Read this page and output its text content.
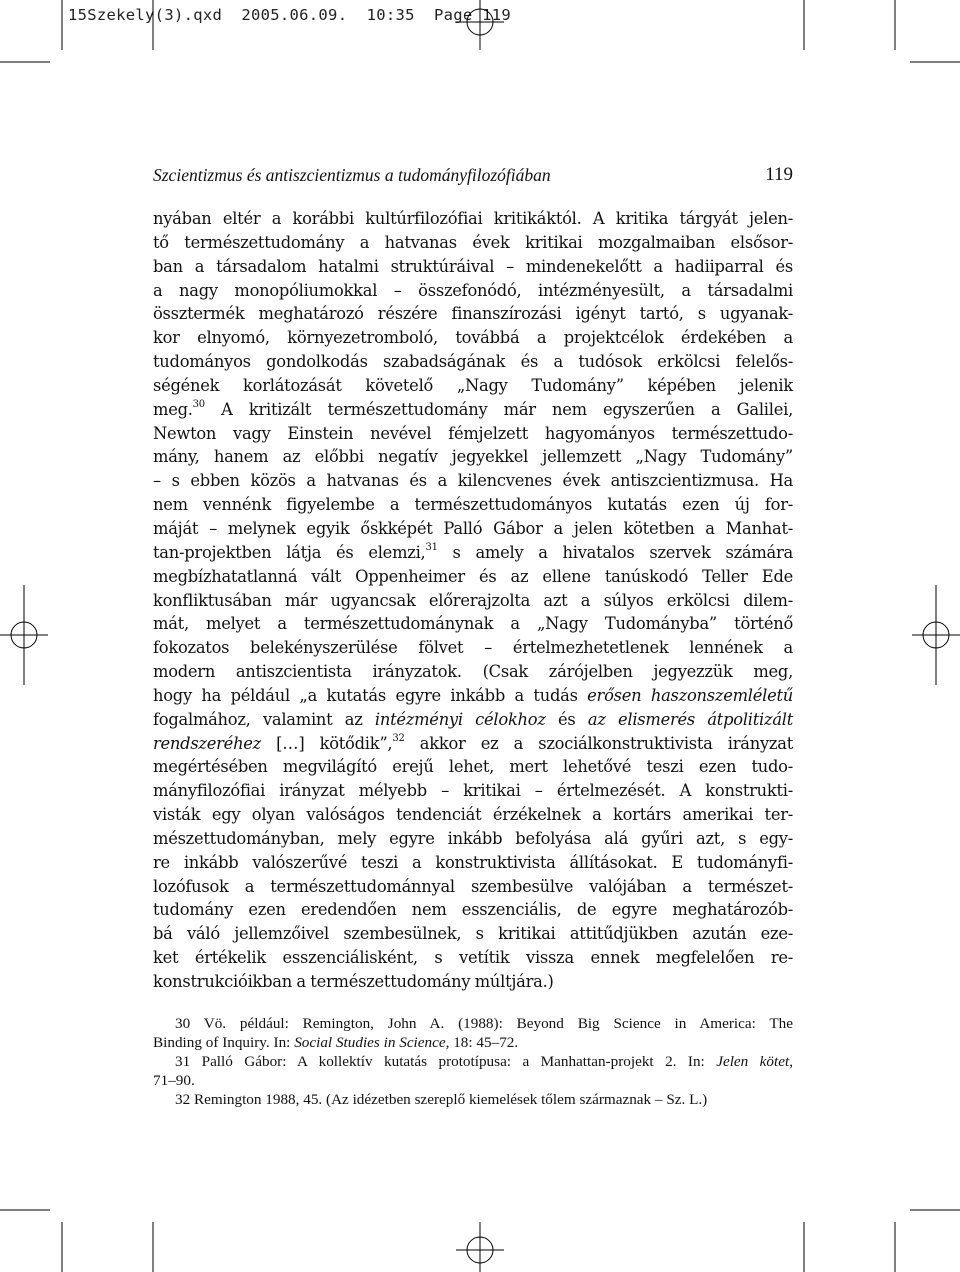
15Szekely(3).qxd  2005.06.09.  10:35  Page 119
Szcientizmus és antiszcientizmus a tudományfilozófiában	119
nyában eltér a korábbi kultúrfilozófiai kritikáktól. A kritika tárgyát jelen-
tő természettudomány a hatvanas évek kritikai mozgalmaiban elsősor-
ban a társadalom hatalmi struktúráival – mindenekelőtt a hadiiparral és
a nagy monopóliumokkal – összefonódó, intézményesült, a társadalmi
össztermék meghatározó részére finanszírozási igényt tartó, s ugyanak-
kor elnyomó, környezetromboló, továbbá a projektcélok érdekében a
tudományos gondolkodás szabadságának és a tudósok erkölcsi felelős-
ségének korlátozását követelő „Nagy Tudomány” képében jelenik
meg.$^{30}$ A kritizált természettudomány már nem egyszerűen a Galilei,
Newton vagy Einstein nevével fémjelzett hagyományos természettudo-
mány, hanem az előbbi negatív jegyekkel jellemzett „Nagy Tudomány”
– s ebben közös a hatvanas és a kilencvenes évek antiszcientizmusa. Ha
nem vennénk figyelembe a természettudományos kutatás ezen új for-
máját – melynek egyik őskképét Palló Gábor a jelen kötetben a Manhat-
tan-projektben látja és elemzi,$^{31}$ s amely a hivatalos szervek számára
megbízhatatlanná vált Oppenheimer és az ellene tanúskodó Teller Ede
konfliktusában már ugyancsak előrerajzolta azt a súlyos erkölcsi dilem-
mát, melyet a természettudománynak a „Nagy Tudományba” történő
fokozatos belekényszerülése fölvet – értelmezhetetlenek lennének a
modern antiszcientista irányzatok. (Csak zárójelben jegyezzük meg,
hogy ha például „a kutatás egyre inkább a tudás erősen haszonszemléletű
fogalmához, valamint az intézményi célokhoz és az elismerés átpolitizált
rendszeréhez […] kötődik”,$^{32}$ akkor ez a szociálkonstruktivista irányzat
megértésében megvilágító erejű lehet, mert lehetővé teszi ezen tudo-
mányfilozófiai irányzat mélyebb – kritikai – értelmezését. A konstrukti-
visták egy olyan valóságos tendenciát érzékelnek a kortárs amerikai ter-
mészettudományban, mely egyre inkább befolyása alá gyűri azt, s egy-
re inkább valószerűvé teszi a konstruktivista állításokat. E tudományfi-
lozófusok a természettudománnyal szembesülve valójában a természet-
tudomány ezen eredendően nem esszenciális, de egyre meghatározób-
bá váló jellemzőivel szembesülnek, s kritikai attitűdjükben azután eze-
ket értékelik esszenciálisként, s vetítik vissza ennek megfelelően re-
konstrukcióikban a természettudomány múltjára.)
30 Vö. például: Remington, John A. (1988): Beyond Big Science in America: The
Binding of Inquiry. In: Social Studies in Science, 18: 45–72.
31 Palló Gábor: A kollektív kutatás prototípusa: a Manhattan-projekt 2. In: Jelen kötet,
71–90.
32 Remington 1988, 45. (Az idézetben szereplő kiemelések tőlem származnak – Sz. L.)
